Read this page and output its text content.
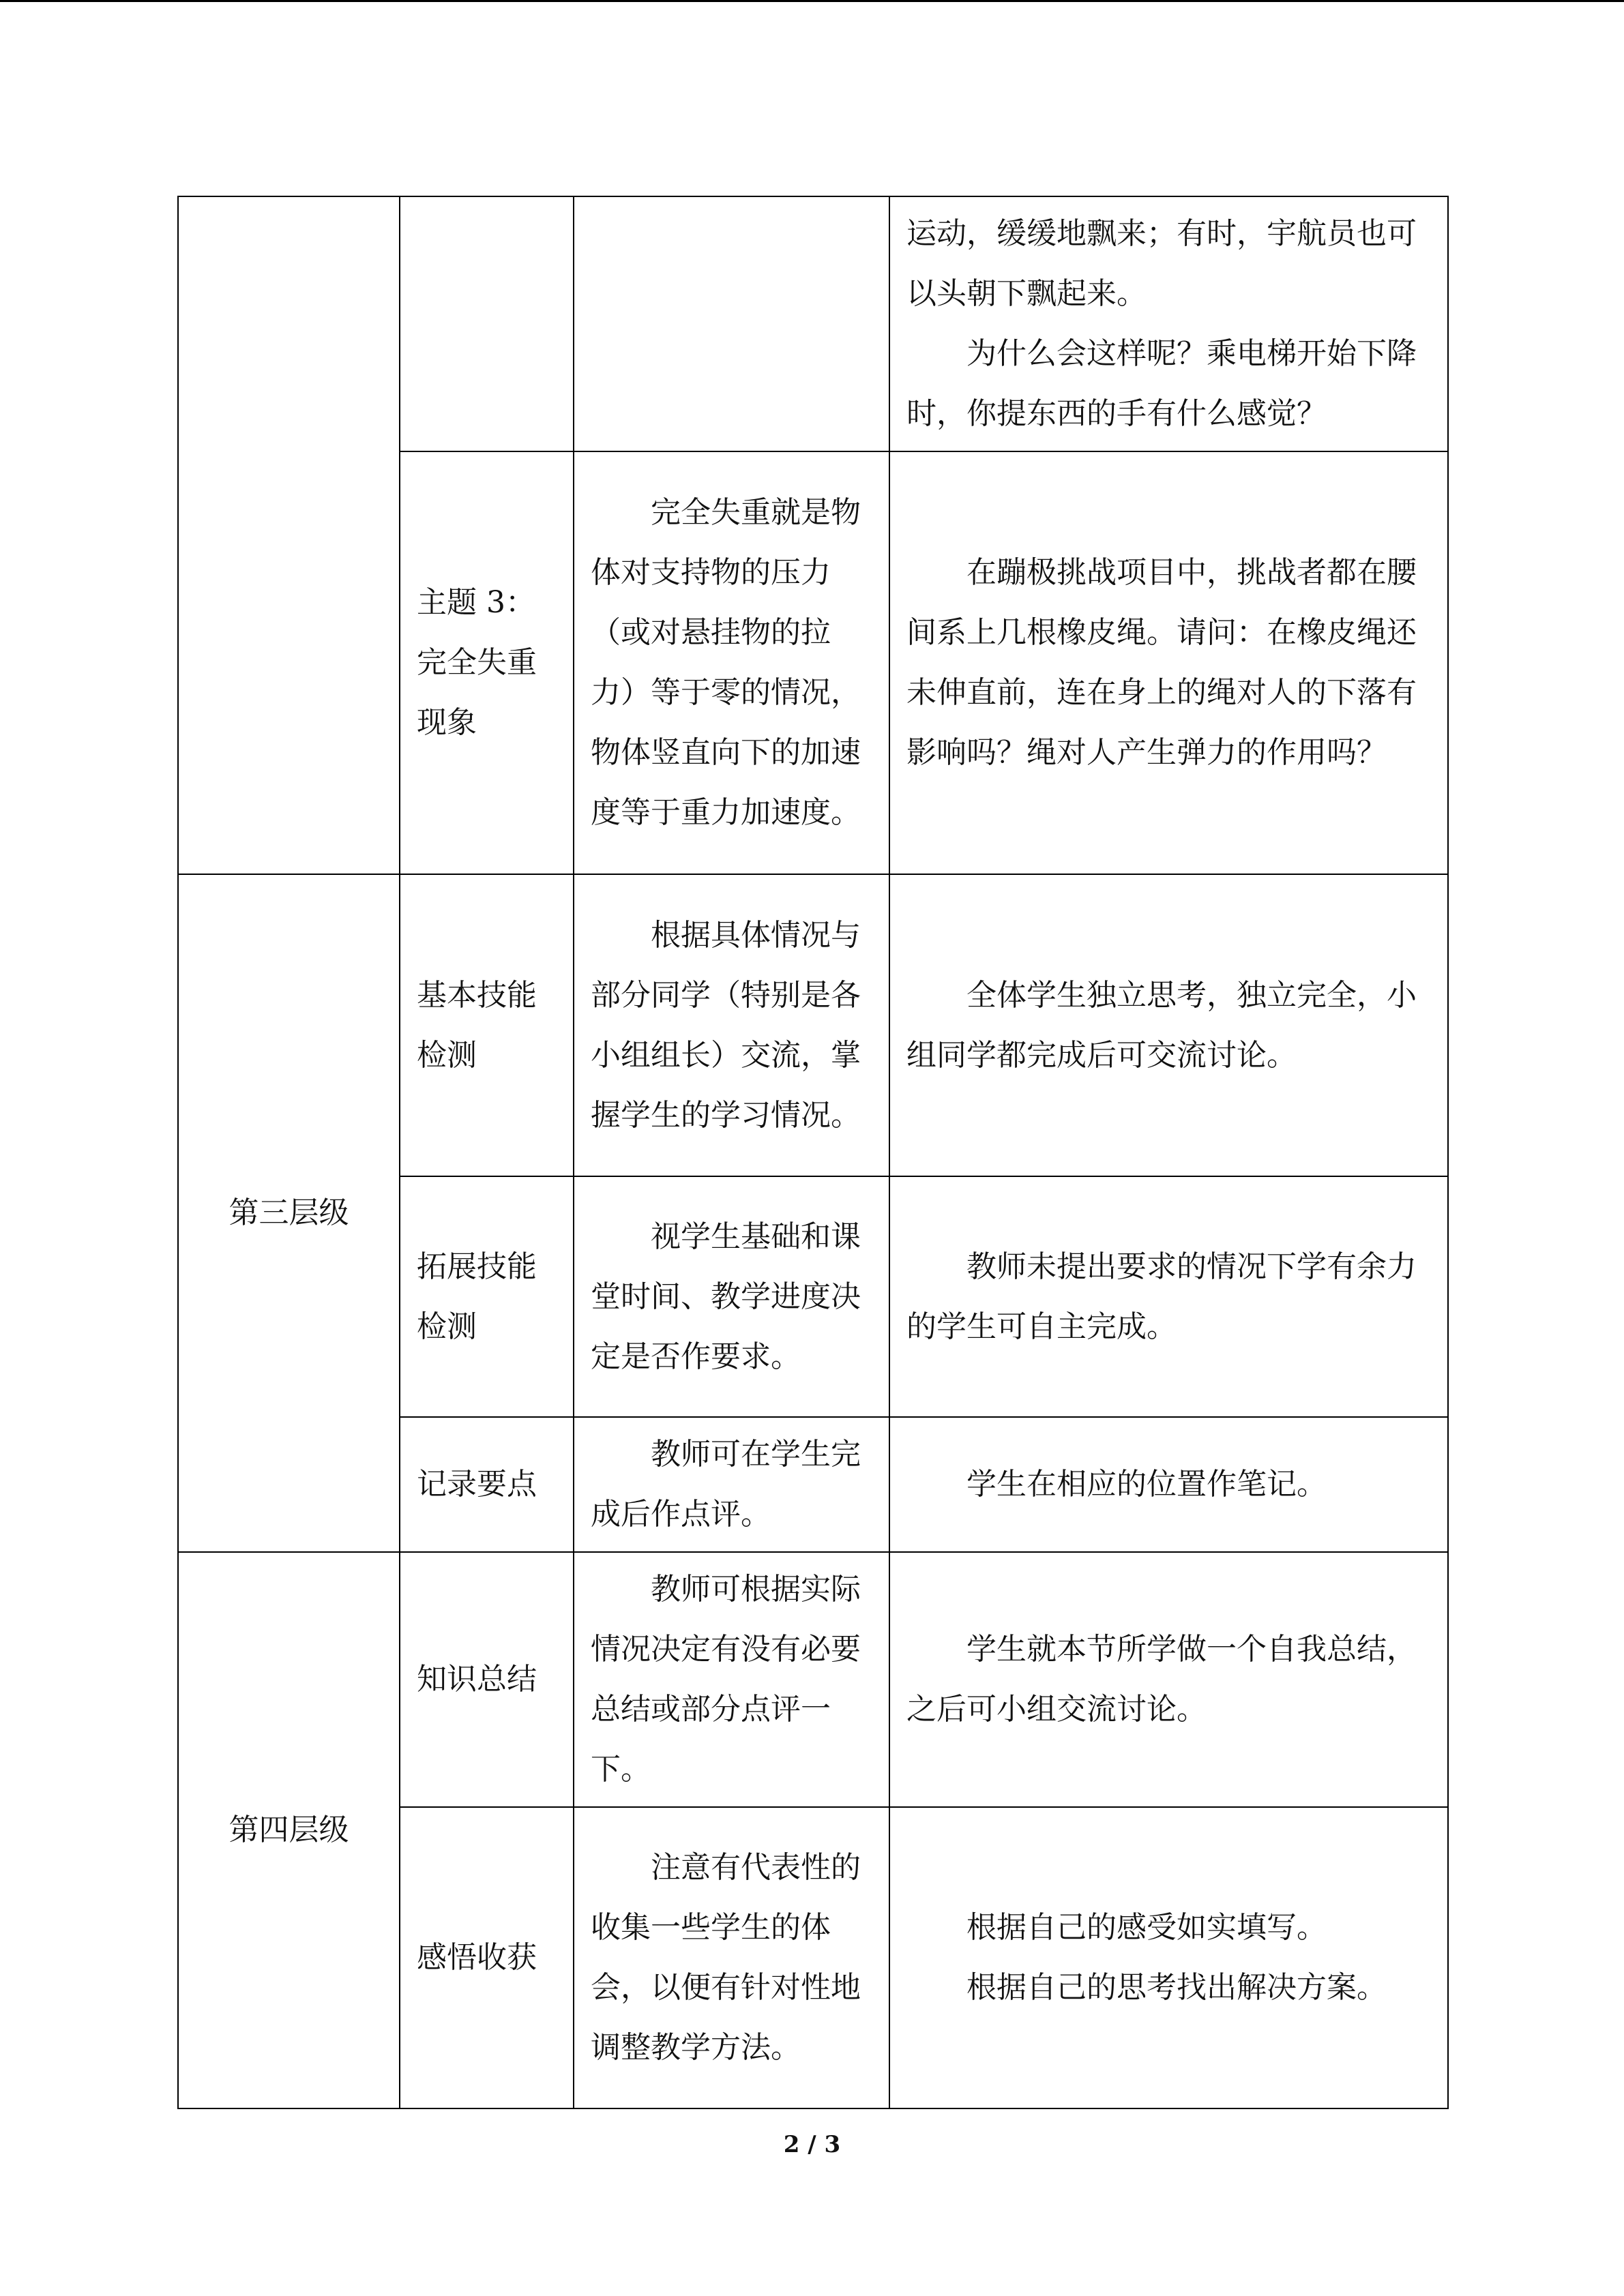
			运动，缓缓地飘来；有时，宇航员也可以头朝下飘起来。

为什么会这样呢？乘电梯开始下降时，你提东西的手有什么感觉？

	主题 3：完全失重现象	完全失重就是物体对支持物的压力（或对悬挂物的拉力）等于零的情况，物体竖直向下的加速度等于重力加速度。	在蹦极挑战项目中，挑战者都在腰间系上几根橡皮绳。请问：在橡皮绳还未伸直前，连在身上的绳对人的下落有影响吗？绳对人产生弹力的作用吗？

第三层级	基本技能检测	根据具体情况与部分同学（特别是各小组组长）交流，掌握学生的学习情况。	全体学生独立思考，独立完全，小组同学都完成后可交流讨论。

	拓展技能检测	视学生基础和课堂时间、教学进度决定是否作要求。	教师未提出要求的情况下学有余力的学生可自主完成。

	记录要点	教师可在学生完成后作点评。	学生在相应的位置作笔记。

第四层级	知识总结	教师可根据实际情况决定有没有必要总结或部分点评一下。	学生就本节所学做一个自我总结，之后可小组交流讨论。

	感悟收获	注意有代表性的收集一些学生的体会，以便有针对性地调整教学方法。	根据自己的感受如实填写。

根据自己的思考找出解决方案。

2 / 3
